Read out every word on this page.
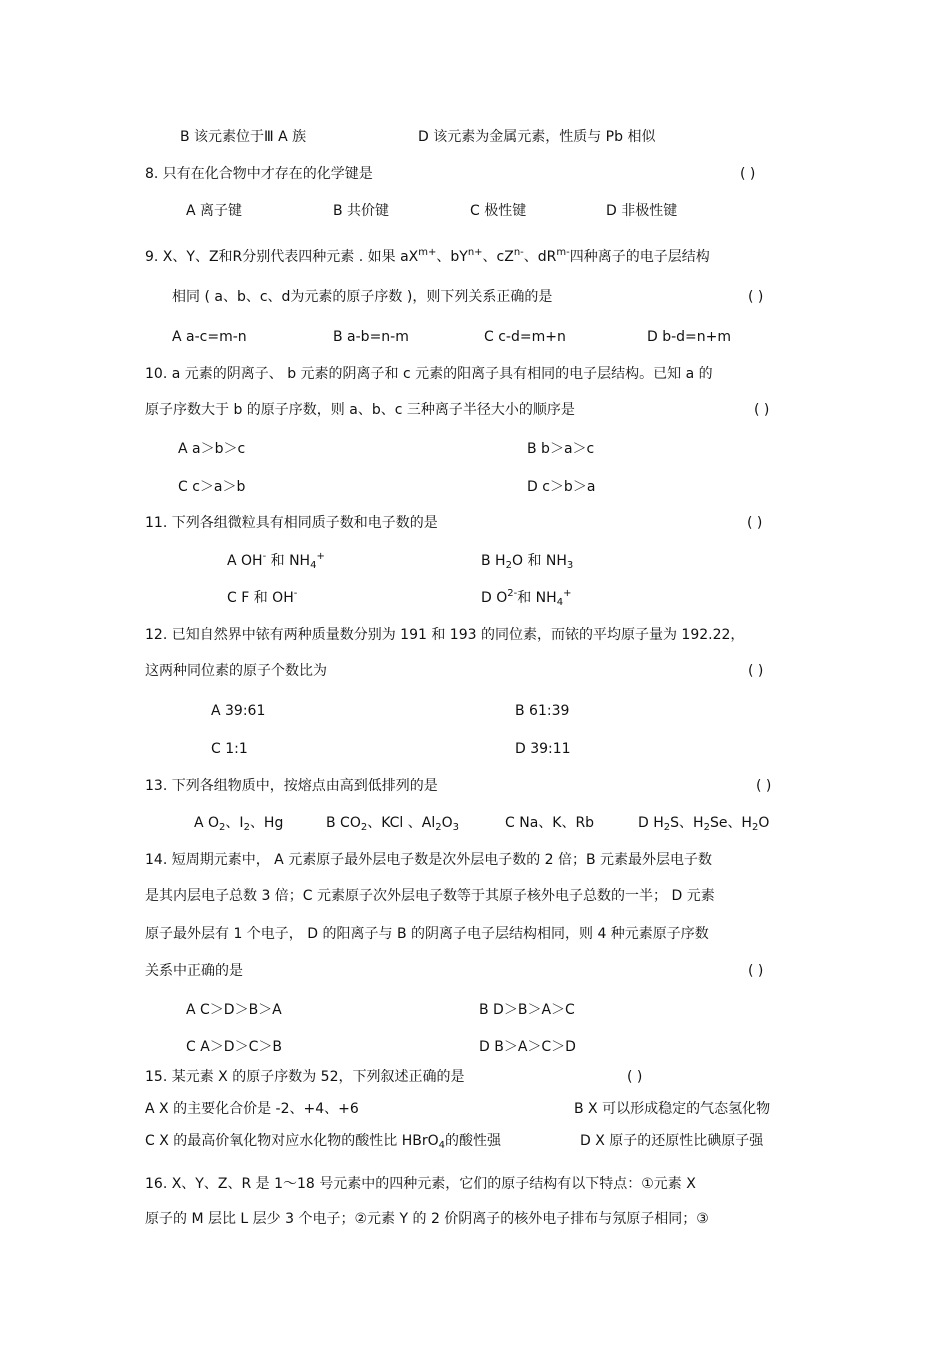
B 该元素位于Ⅲ A 族	D 该元素为金属元素，性质与 Pb 相似
8. 只有在化合物中才存在的化学键是	( )
A 离子键	B 共价键	C 极性键	D 非极性键
9. X、Y、Z和R分别代表四种元素 . 如果 $aX^{m+}$、$bY^{n+}$、$cZ^{n-}$、$dR^{m-}$四种离子的电子层结构
相同 ( a、b、c、d为元素的原子序数 )，则下列关系正确的是	( )
A a-c=m-n	B a-b=n-m	C c-d=m+n	D b-d=n+m
10. a 元素的阴离子、 b 元素的阴离子和 c 元素的阳离子具有相同的电子层结构。已知 a 的
原子序数大于 b 的原子序数，则 a、b、c 三种离子半径大小的顺序是	( )
A a＞b＞c	B b＞a＞c
C c＞a＞b	D c＞b＞a
11. 下列各组微粒具有相同质子数和电子数的是	( )
A OH- 和 $NH_4^+$	B $H_2O$ 和 $NH_3$
C F 和 OH-	D $O^{2-}$和 $NH_4^+$
12. 已知自然界中铱有两种质量数分别为 191 和 193 的同位素，而铱的平均原子量为 192.22，
这两种同位素的原子个数比为	( )
A 39:61	B 61:39
C 1:1	D 39:11
13. 下列各组物质中，按熔点由高到低排列的是	( )
A $O_2$、$I_2$、Hg	B $CO_2$、KCl 、$Al_2O_3$	C Na、K、Rb	D $H_2S$、$H_2Se$、$H_2O$
14. 短周期元素中， A 元素原子最外层电子数是次外层电子数的 2 倍；B 元素最外层电子数
是其内层电子总数 3 倍；C 元素原子次外层电子数等于其原子核外电子总数的一半； D 元素
原子最外层有 1 个电子， D 的阳离子与 B 的阴离子电子层结构相同，则 4 种元素原子序数
关系中正确的是	( )
A C＞D＞B＞A	B D＞B＞A＞C
C A＞D＞C＞B	D B＞A＞C＞D
15. 某元素 X 的原子序数为 52，下列叙述正确的是	( )
A X 的主要化合价是 -2、+4、+6	B X 可以形成稳定的气态氢化物
C X 的最高价氧化物对应水化物的酸性比 HBrO$_4$的酸性强	D X 原子的还原性比碘原子强
16. X、Y、Z、R 是 1～18 号元素中的四种元素，它们的原子结构有以下特点：①元素 X
原子的 M 层比 L 层少 3 个电子；②元素 Y 的 2 价阴离子的核外电子排布与氖原子相同；③
